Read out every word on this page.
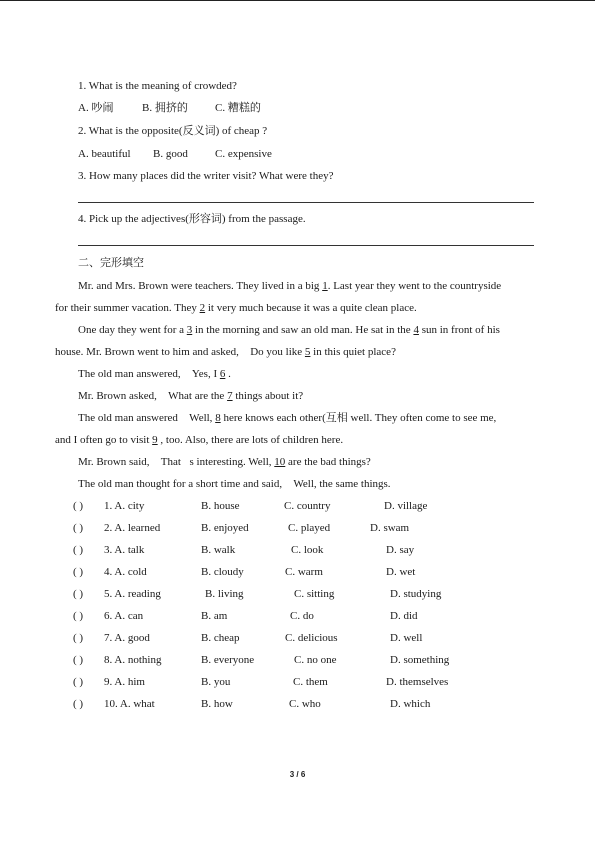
1. What is the meaning of crowded?
A. 吵闹	B. 拥挤的 C. 糟糕的
2. What is the opposite(反义词) of cheap ?
A. beautiful B. good C. expensive
3. How many places did the writer visit? What were they?
4. Pick up the adjectives(形容词) from the passage.
二、完形填空
Mr. and Mrs. Brown were teachers. They lived in a big 1. Last year they went to the countryside
for their summer vacation. They 2 it very much because it was a quite clean place.
One day they went for a 3 in the morning and saw an old man. He sat in the 4 sun in front of his
house. Mr. Brown went to him and asked,  Do you like 5 in this quiet place? 
The old man answered,  Yes, I 6 . 
Mr. Brown asked,  What are the 7 things about it? 
The old man answered  Well, 8 here knows each other(互相 well. They often come to see me,
and I often go to visit 9 , too. Also, there are lots of children here. 
Mr. Brown said,  That s interesting. Well, 10 are the bad things? 
The old man thought for a short time and said,  Well, the same things. 
( ) 1. A. city	B. house	C. country	D. village
( ) 2. A. learned	B. enjoyed	C. played	D. swam
( ) 3. A. talk	B. walk	C. look	D. say
( ) 4. A. cold	B. cloudy	C. warm	D. wet
( ) 5. A. reading	B. living	C. sitting	D. studying
( ) 6. A. can	B. am	C. do	D. did
( ) 7. A. good	B. cheap	C. delicious	D. well
( ) 8. A. nothing	B. everyone	C. no one	D. something
( ) 9. A. him	B. you	C. them	D. themselves
( ) 10. A. what	B. how	C. who	D. which
3 / 6
